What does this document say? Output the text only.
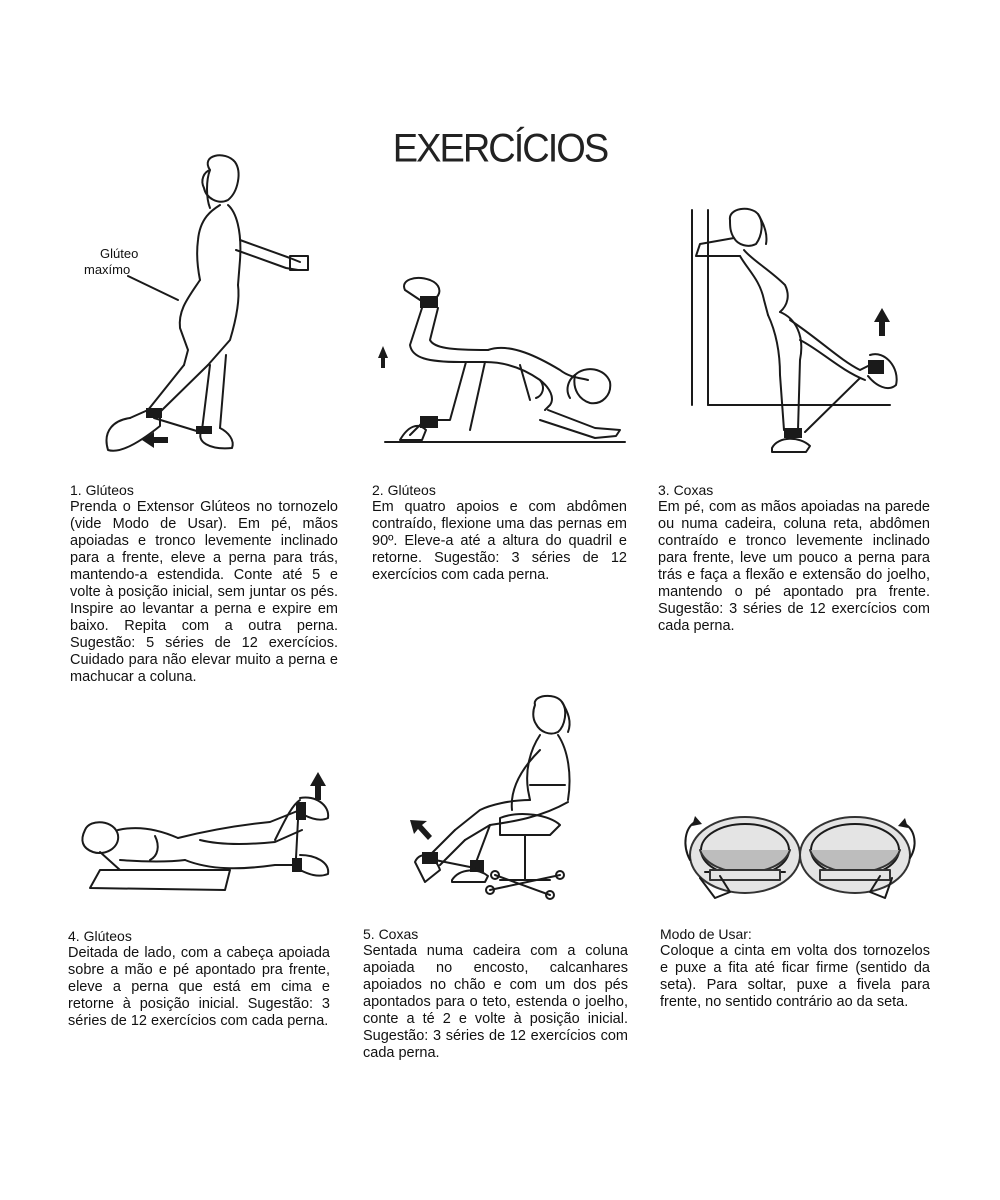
EXERCÍCIOS
Glúteo
maxímo
1. Glúteos
Prenda o Extensor Glúteos no tornozelo (vide Modo de Usar). Em pé, mãos apoiadas e tronco levemente inclinado para a frente, eleve a perna para trás, mantendo-a estendida. Conte até 5 e volte à posição inicial, sem juntar os pés. Inspire ao levantar a perna e expire em baixo. Repita com a outra perna. Sugestão: 5 séries de 12 exercícios. Cuidado para não elevar muito a perna e machucar a coluna.
2. Glúteos
Em quatro apoios e com abdômen contraído, flexione uma das pernas em 90º. Eleve-a até a altura do quadril e retorne. Sugestão: 3 séries de 12 exercícios com cada perna.
3. Coxas
Em pé, com as mãos apoiadas na parede ou numa cadeira, coluna reta, abdômen contraído e tronco levemente inclinado para frente, leve um pouco a perna para trás e faça a flexão e extensão do joelho, mantendo o pé apontado pra frente. Sugestão: 3 séries de 12 exercícios com cada perna.
4. Glúteos
Deitada de lado, com a cabeça apoiada sobre a mão e pé apontado pra frente, eleve a perna que está em cima e retorne à posição inicial. Sugestão: 3 séries de 12 exercícios com cada perna.
5. Coxas
Sentada numa cadeira com a coluna apoiada no encosto, calcanhares apoiados no chão e com um dos pés apontados para o teto, estenda o joelho, conte a té 2 e volte à posição inicial. Sugestão: 3 séries de 12 exercícios com cada perna.
Modo de Usar:
Coloque a cinta em volta dos tornozelos e puxe a fita até ficar firme (sentido da seta). Para soltar, puxe a fivela para frente, no sentido contrário ao da seta.
